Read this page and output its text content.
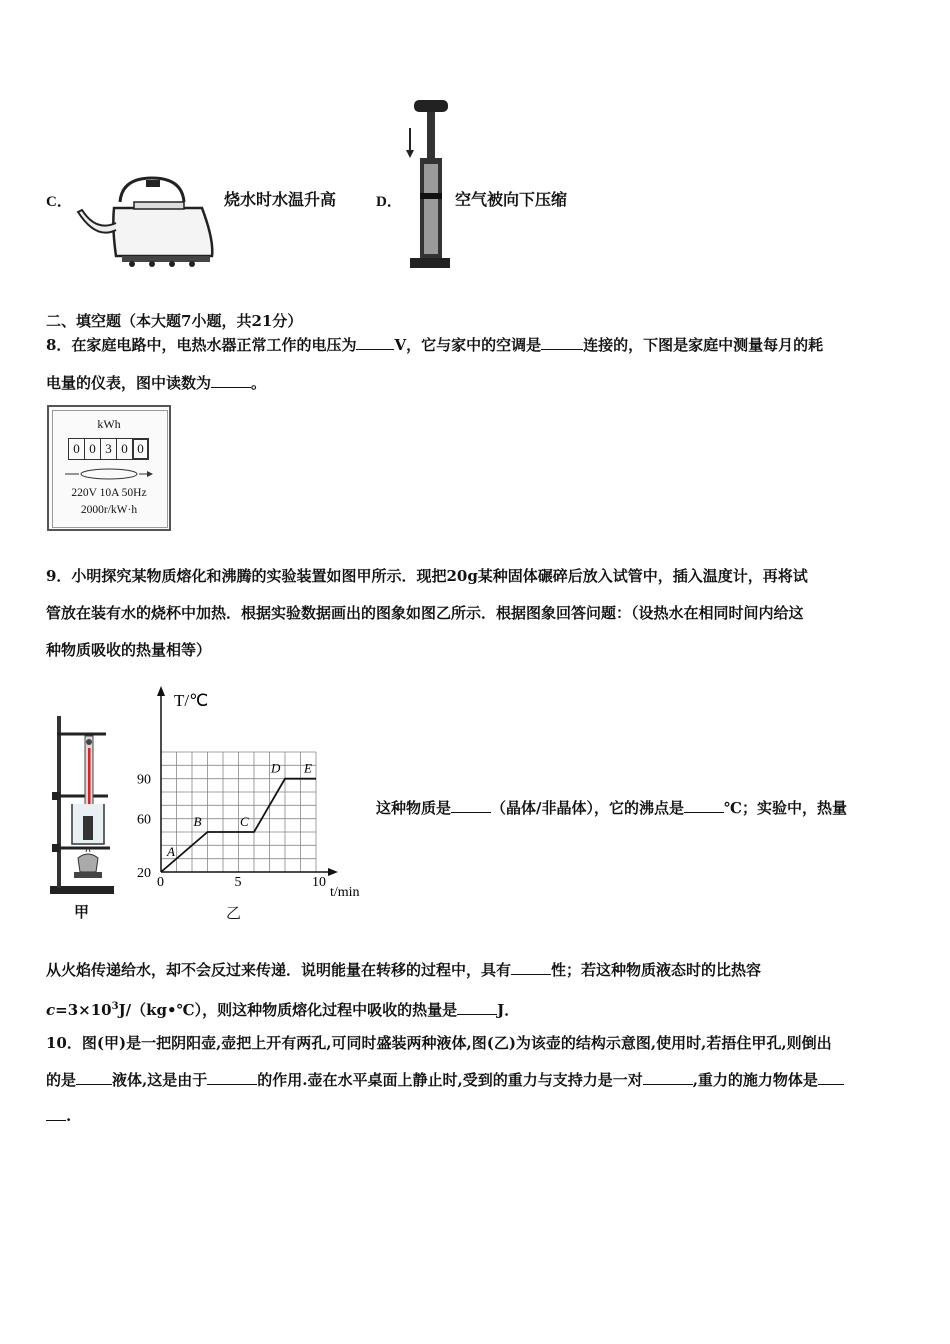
C．	烧水时水温升高	D．	空气被向下压缩
二、填空题（本大题7小题，共21分）
8．在家庭电路中，电热水器正常工作的电压为	V，它与家中的空调是	连接的，下图是家庭中测量每月的耗
电量的仪表，图中读数为	。
kWh
0 0 3 0 0
220V 10A 50Hz
2000r/kW·h
9．小明探究某物质熔化和沸腾的实验装置如图甲所示．现把20g某种固体碾碎后放入试管中，插入温度计，再将试
管放在装有水的烧杯中加热．根据实验数据画出的图象如图乙所示．根据图象回答问题：（设热水在相同时间内给这
种物质吸收的热量相等）
甲
0	5	10
20
60
90
A
B	C
D E
T/℃
t/min
乙
这种物质是	（晶体/非晶体），它的沸点是	℃；实验中，热量
从火焰传递给水，却不会反过来传递．说明能量在转移的过程中，具有	性；若这种物质液态时的比热容
$c=3\times 10^3J/(kg•℃)$，则这种物质熔化过程中吸收的热量是	J．
10．图(甲)是一把阴阳壶,壶把上开有两孔,可同时盛装两种液体,图(乙)为该壶的结构示意图,使用时,若捂住甲孔,则倒出
的是 液体,这是由于	的作用.壶在水平桌面上静止时,受到的重力与支持力是一对	,重力的施力物体是
.
